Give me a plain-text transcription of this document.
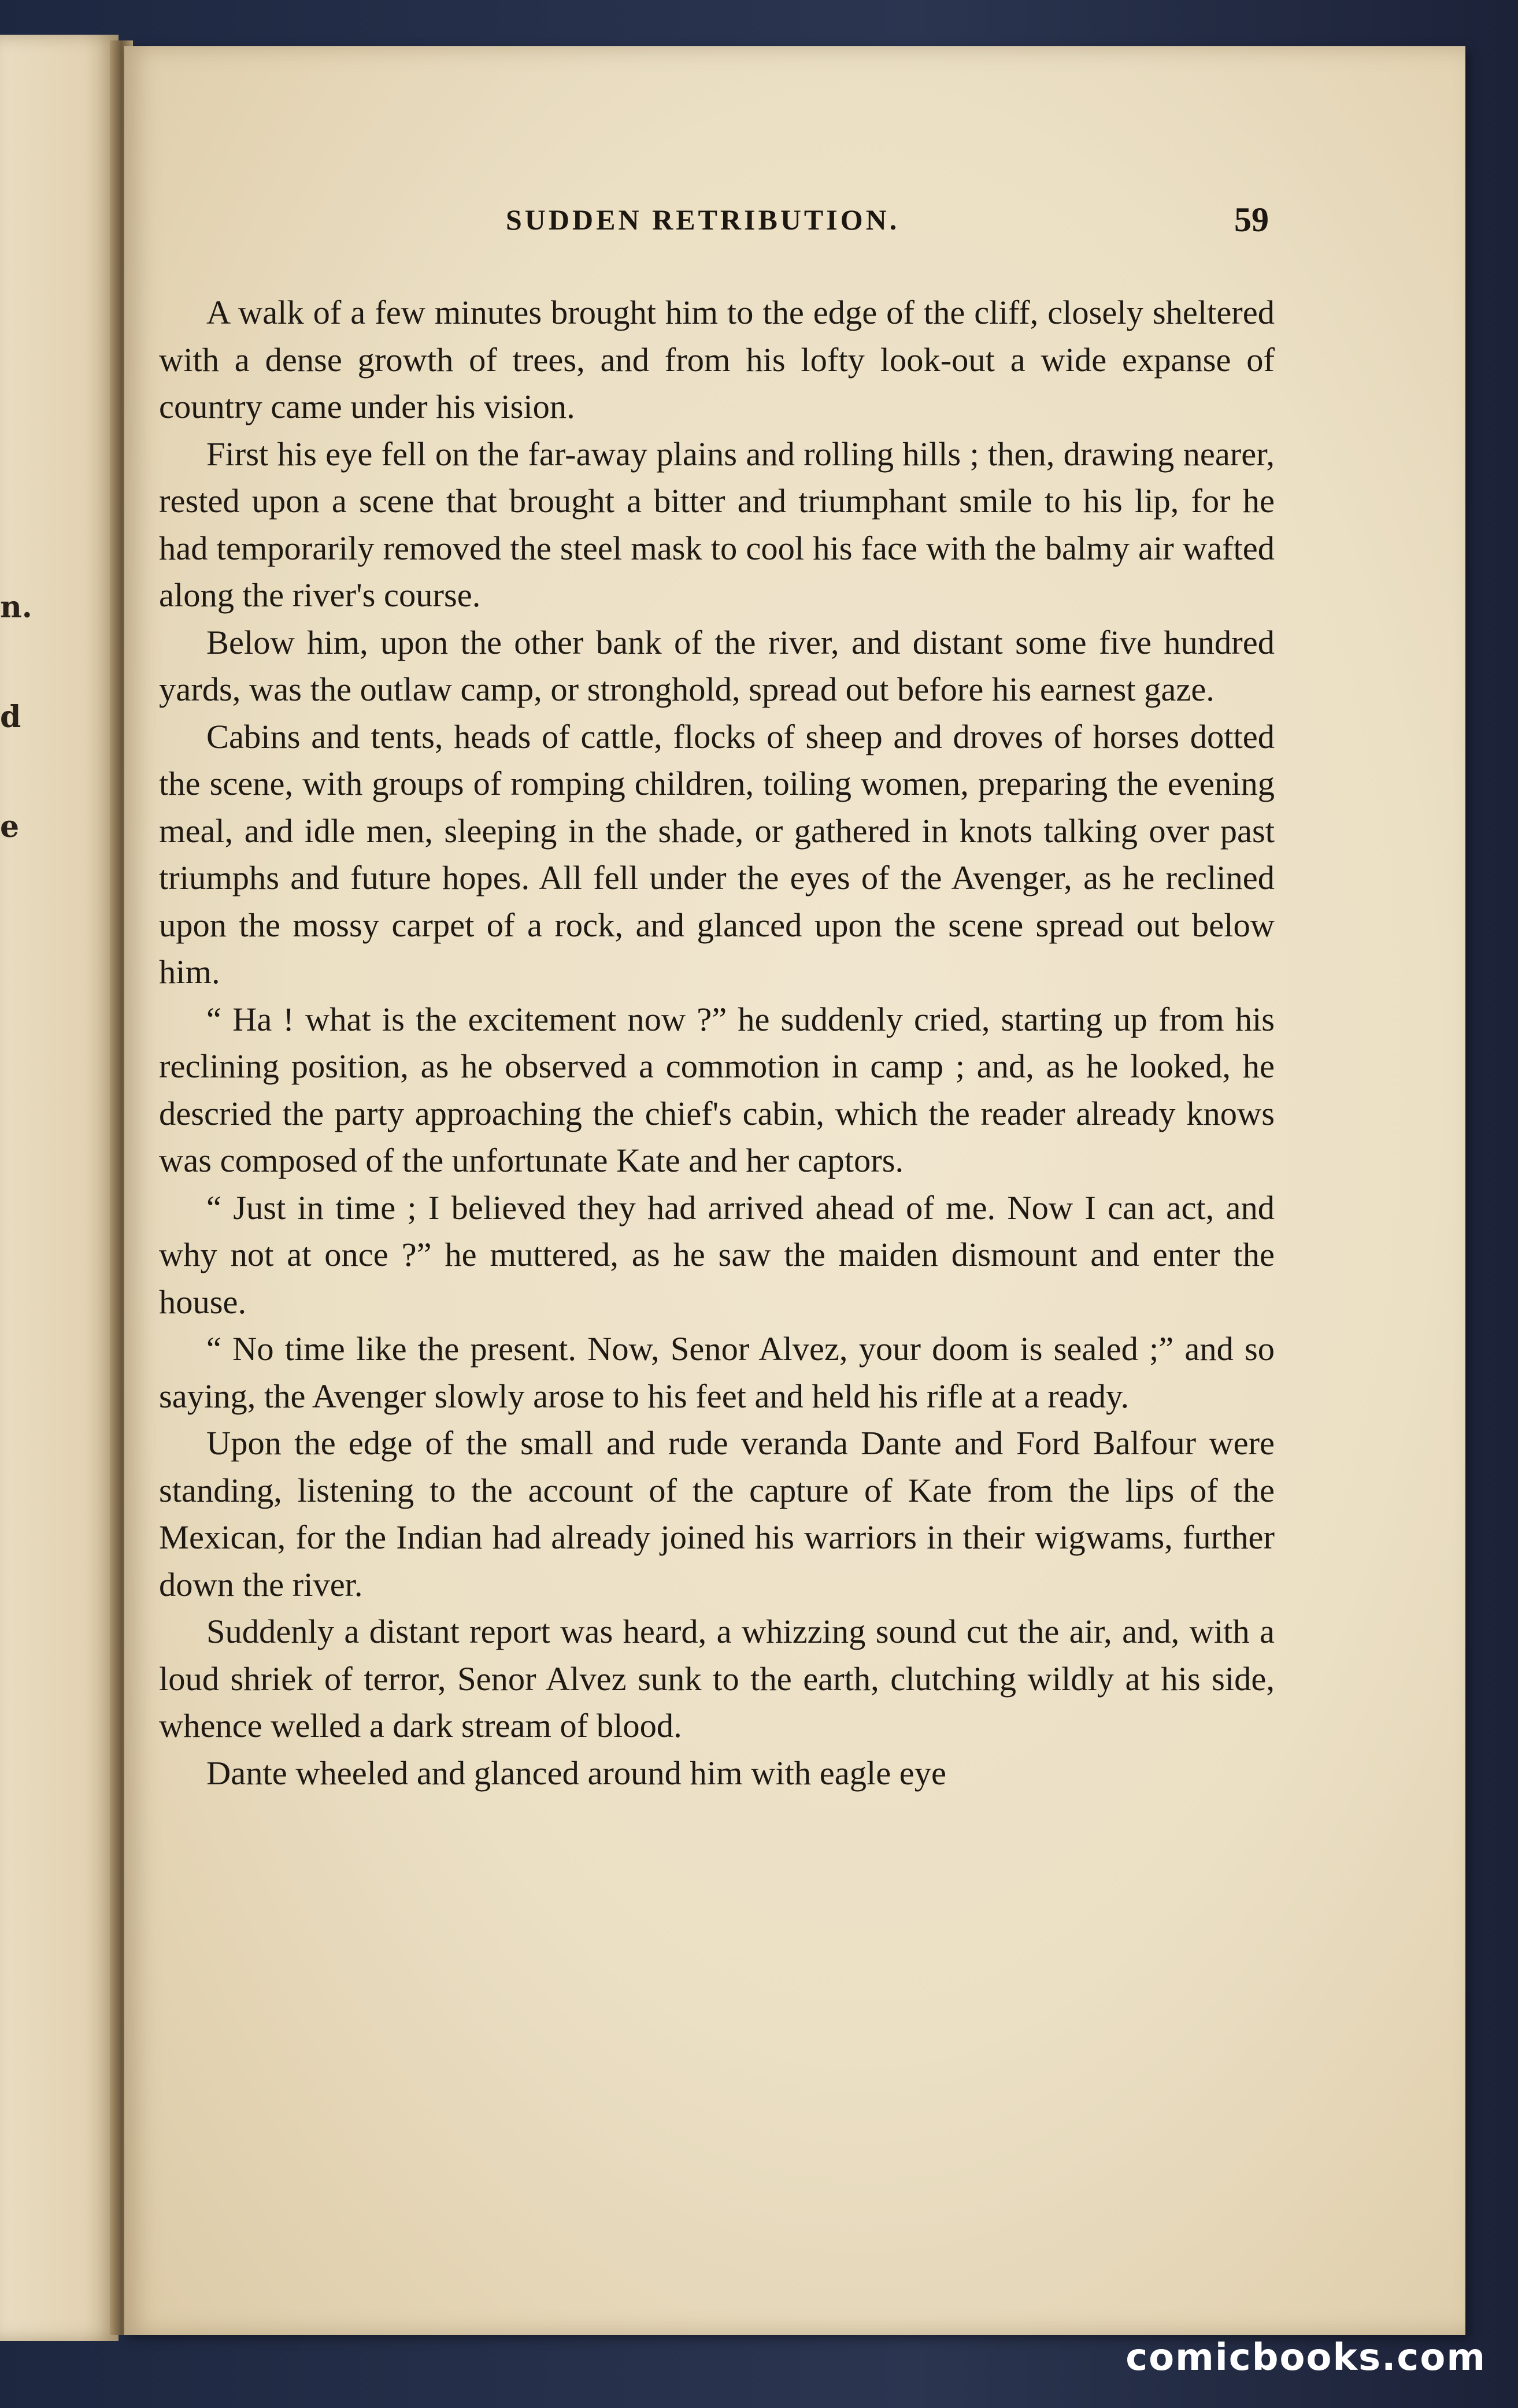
n.
d
e
SUDDEN RETRIBUTION.	59

A walk of a few minutes brought him to the edge of the cliff, closely sheltered with a dense growth of trees, and from his lofty look-out a wide expanse of country came under his vision.

First his eye fell on the far-away plains and rolling hills ; then, drawing nearer, rested upon a scene that brought a bitter and triumphant smile to his lip, for he had temporarily removed the steel mask to cool his face with the balmy air wafted along the river's course.

Below him, upon the other bank of the river, and distant some five hundred yards, was the outlaw camp, or stronghold, spread out before his earnest gaze.

Cabins and tents, heads of cattle, flocks of sheep and droves of horses dotted the scene, with groups of romping children, toiling women, preparing the evening meal, and idle men, sleeping in the shade, or gathered in knots talking over past triumphs and future hopes. All fell under the eyes of the Avenger, as he reclined upon the mossy carpet of a rock, and glanced upon the scene spread out below him.

“ Ha ! what is the excitement now ?” he suddenly cried, starting up from his reclining position, as he observed a commotion in camp ; and, as he looked, he descried the party approaching the chief's cabin, which the reader already knows was composed of the unfortunate Kate and her captors.

“ Just in time ; I believed they had arrived ahead of me. Now I can act, and why not at once ?” he muttered, as he saw the maiden dismount and enter the house.

“ No time like the present. Now, Senor Alvez, your doom is sealed ;” and so saying, the Avenger slowly arose to his feet and held his rifle at a ready.

Upon the edge of the small and rude veranda Dante and Ford Balfour were standing, listening to the account of the capture of Kate from the lips of the Mexican, for the Indian had already joined his warriors in their wigwams, further down the river.

Suddenly a distant report was heard, a whizzing sound cut the air, and, with a loud shriek of terror, Senor Alvez sunk to the earth, clutching wildly at his side, whence welled a dark stream of blood.

Dante wheeled and glanced around him with eagle eye

comicbooks.com
